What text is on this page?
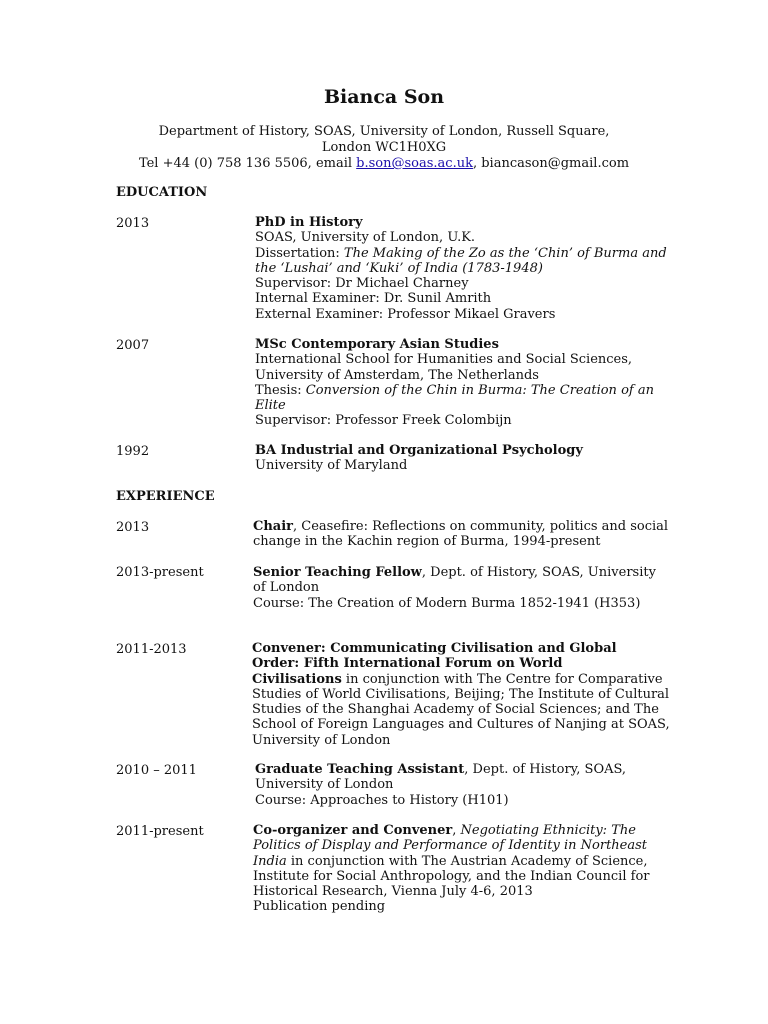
Bianca Son
Department of History, SOAS, University of London, Russell Square,
London WC1H0XG
Tel +44 (0) 758 136 5506, email b.son@soas.ac.uk, biancason@gmail.com
EDUCATION
2013	PhD in History
SOAS, University of London, U.K.
Dissertation: The Making of the Zo as the ‘Chin’ of Burma and
the ‘Lushai’ and ‘Kuki’ of India (1783-1948)
Supervisor: Dr Michael Charney
Internal Examiner: Dr. Sunil Amrith
External Examiner: Professor Mikael Gravers
2007	MSc Contemporary Asian Studies
International School for Humanities and Social Sciences,
University of Amsterdam, The Netherlands
Thesis: Conversion of the Chin in Burma: The Creation of an
Elite
Supervisor: Professor Freek Colombijn
1992	BA Industrial and Organizational Psychology
University of Maryland
EXPERIENCE
2013	Chair, Ceasefire: Reflections on community, politics and social
change in the Kachin region of Burma, 1994-present
2013-present	Senior Teaching Fellow, Dept. of History, SOAS, University
of London
Course: The Creation of Modern Burma 1852-1941 (H353)
2011-2013	Convener: Communicating Civilisation and Global
Order: Fifth International Forum on World
Civilisations in conjunction with The Centre for Comparative
Studies of World Civilisations, Beijing; The Institute of Cultural
Studies of the Shanghai Academy of Social Sciences; and The
School of Foreign Languages and Cultures of Nanjing at SOAS,
University of London
2010 – 2011	Graduate Teaching Assistant, Dept. of History, SOAS,
University of London
Course: Approaches to History (H101)
2011-present	Co-organizer and Convener, Negotiating Ethnicity: The
Politics of Display and Performance of Identity in Northeast
India in conjunction with The Austrian Academy of Science,
Institute for Social Anthropology, and the Indian Council for
Historical Research, Vienna July 4-6, 2013
Publication pending
